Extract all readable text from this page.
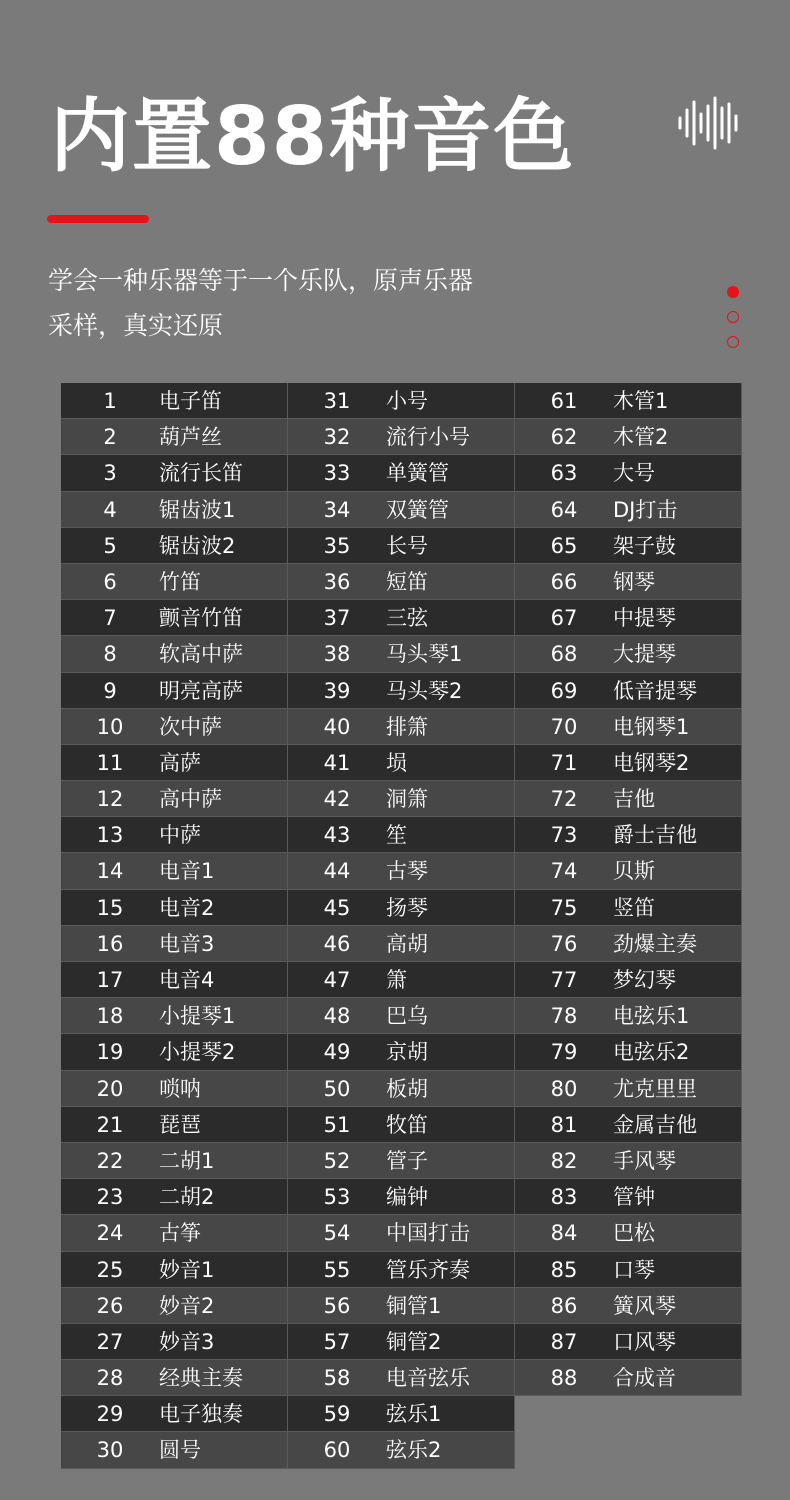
内置88种音色

学会一种乐器等于一个乐队，原声乐器
采样，真实还原

1	电子笛
2	葫芦丝
3	流行长笛
4	锯齿波1
5	锯齿波2
6	竹笛
7	颤音竹笛
8	软高中萨
9	明亮高萨
10	次中萨
11	高萨
12	高中萨
13	中萨
14	电音1
15	电音2
16	电音3
17	电音4
18	小提琴1
19	小提琴2
20	唢呐
21	琵琶
22	二胡1
23	二胡2
24	古筝
25	妙音1
26	妙音2
27	妙音3
28	经典主奏
29	电子独奏
30	圆号
31	小号
32	流行小号
33	单簧管
34	双簧管
35	长号
36	短笛
37	三弦
38	马头琴1
39	马头琴2
40	排箫
41	埙
42	洞箫
43	笙
44	古琴
45	扬琴
46	高胡
47	箫
48	巴乌
49	京胡
50	板胡
51	牧笛
52	管子
53	编钟
54	中国打击
55	管乐齐奏
56	铜管1
57	铜管2
58	电音弦乐
59	弦乐1
60	弦乐2
61	木管1
62	木管2
63	大号
64	DJ打击
65	架子鼓
66	钢琴
67	中提琴
68	大提琴
69	低音提琴
70	电钢琴1
71	电钢琴2
72	吉他
73	爵士吉他
74	贝斯
75	竖笛
76	劲爆主奏
77	梦幻琴
78	电弦乐1
79	电弦乐2
80	尤克里里
81	金属吉他
82	手风琴
83	管钟
84	巴松
85	口琴
86	簧风琴
87	口风琴
88	合成音
